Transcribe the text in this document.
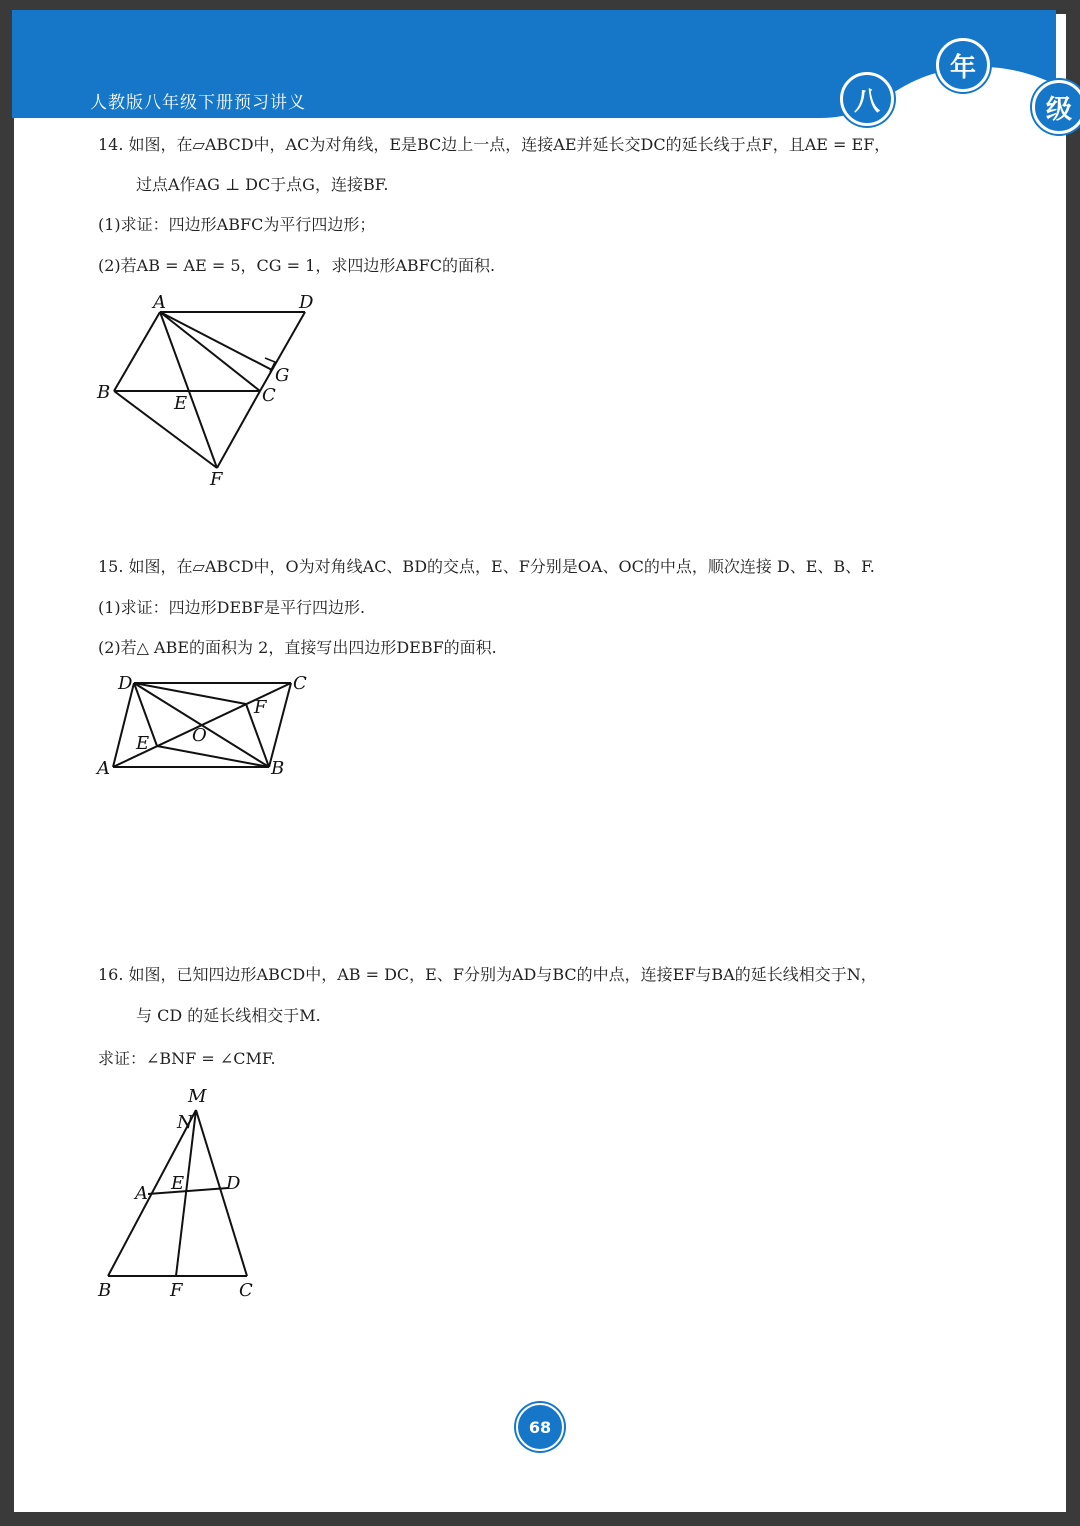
人教版八年级下册预习讲义	八
年
级
14. 如图，在▱ABCD中，AC为对角线，E是BC边上一点，连接AE并延长交DC的延长线于点F，且AE = EF，
过点A作AG ⊥ DC于点G，连接BF.
(1)求证：四边形ABFC为平行四边形；
(2)若AB = AE = 5，CG = 1，求四边形ABFC的面积.
A	D
B
E	C
G
F
15. 如图，在▱ABCD中，O为对角线AC、BD的交点，E、F分别是OA、OC的中点，顺次连接 D、E、B、F.
(1)求证：四边形DEBF是平行四边形.
(2)若△ ABE的面积为 2，直接写出四边形DEBF的面积.
D	C
F
O
E
A	B
16. 如图，已知四边形ABCD中，AB = DC，E、F分别为AD与BC的中点，连接EF与BA的延长线相交于N，
与 CD 的延长线相交于M.
求证：∠BNF = ∠CMF.
M
N
A E D
B	F	C
68
